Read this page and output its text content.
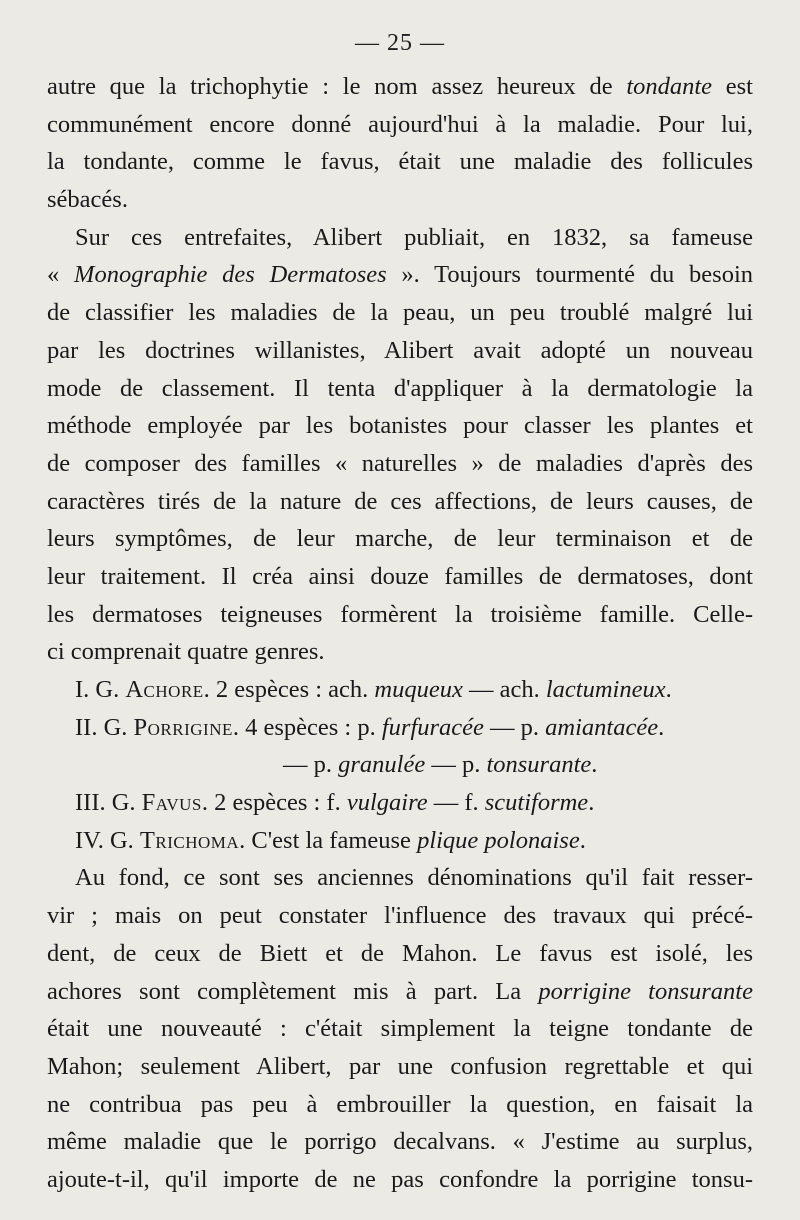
— 25 —
autre que la trichophytie : le nom assez heureux de tondante est
communément encore donné aujourd'hui à la maladie. Pour lui,
la tondante, comme le favus, était une maladie des follicules
sébacés.
Sur ces entrefaites, Alibert publiait, en 1832, sa fameuse
« Monographie des Dermatoses ». Toujours tourmenté du besoin
de classifier les maladies de la peau, un peu troublé malgré lui
par les doctrines willanistes, Alibert avait adopté un nouveau
mode de classement. Il tenta d'appliquer à la dermatologie la
méthode employée par les botanistes pour classer les plantes et
de composer des familles « naturelles » de maladies d'après des
caractères tirés de la nature de ces affections, de leurs causes, de
leurs symptômes, de leur marche, de leur terminaison et de
leur traitement. Il créa ainsi douze familles de dermatoses, dont
les dermatoses teigneuses formèrent la troisième famille. Celle-
ci comprenait quatre genres.
I. G. Achore. 2 espèces : ach. muqueux — ach. lactumineux.
II. G. Porrigine. 4 espèces : p. furfuracée — p. amiantacée.
— p. granulée — p. tonsurante.
III. G. Favus. 2 espèces : f. vulgaire — f. scutiforme.
IV. G. Trichoma. C'est la fameuse plique polonaise.
Au fond, ce sont ses anciennes dénominations qu'il fait resser-
vir ; mais on peut constater l'influence des travaux qui précé-
dent, de ceux de Biett et de Mahon. Le favus est isolé, les
achores sont complètement mis à part. La porrigine tonsurante
était une nouveauté : c'était simplement la teigne tondante de
Mahon; seulement Alibert, par une confusion regrettable et qui
ne contribua pas peu à embrouiller la question, en faisait la
même maladie que le porrigo decalvans. « J'estime au surplus,
ajoute-t-il, qu'il importe de ne pas confondre la porrigine tonsu-
